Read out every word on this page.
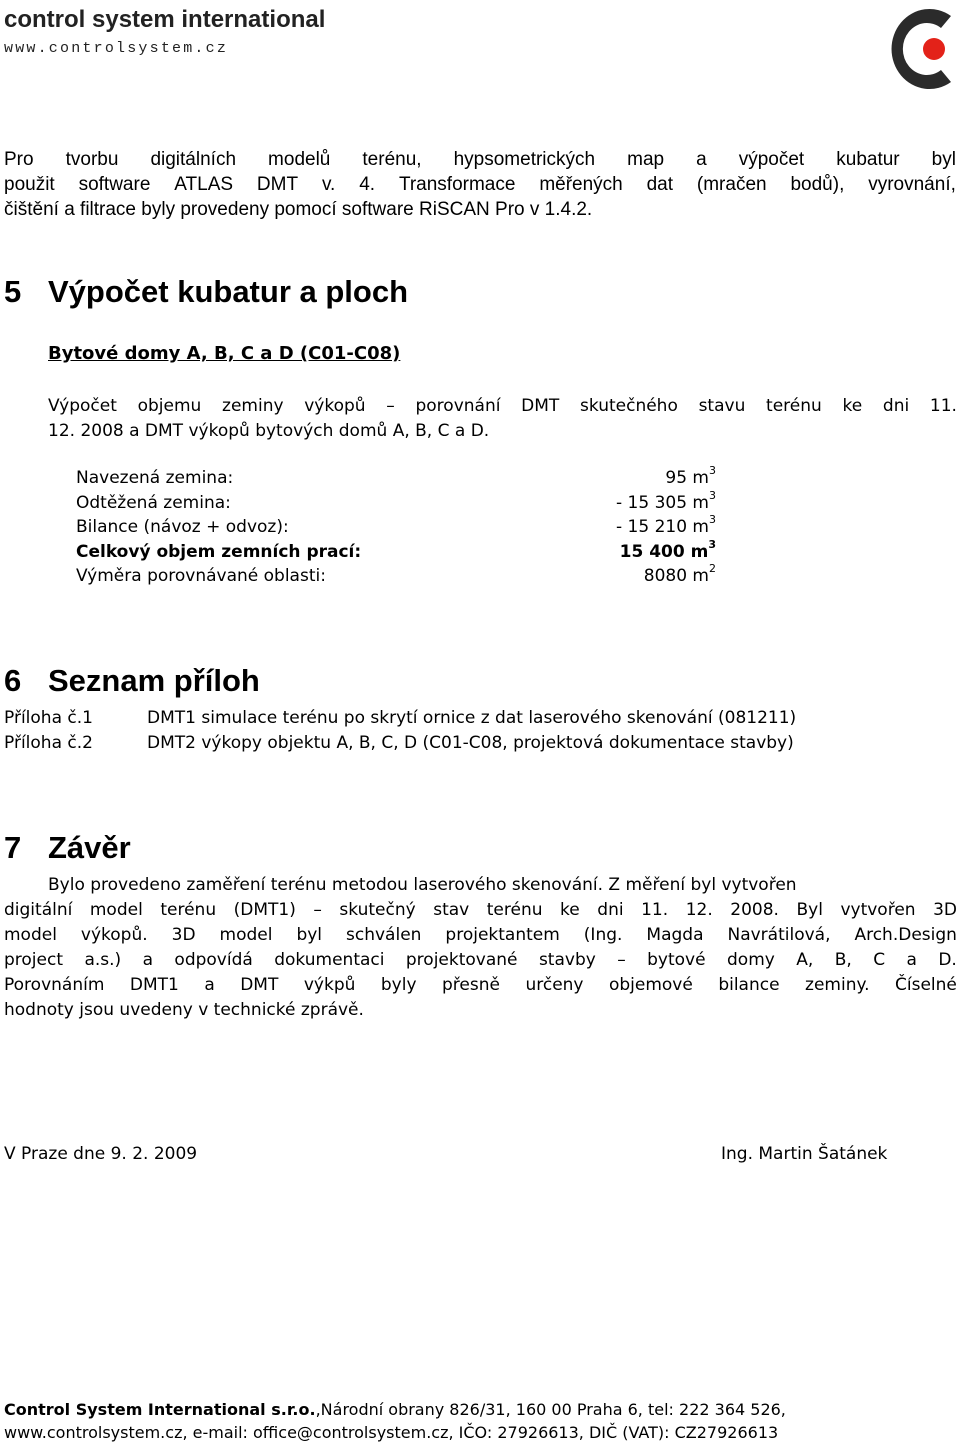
control system international
www.controlsystem.cz
Pro tvorbu digitálních modelů terénu, hypsometrických map a výpočet kubatur byl
použit software ATLAS DMT v. 4. Transformace měřených dat (mračen bodů), vyrovnání,
čištění a filtrace byly provedeny pomocí software RiSCAN Pro v 1.4.2.
5 Výpočet kubatur a ploch
Bytové domy A, B, C a D (C01-C08)
Výpočet objemu zeminy výkopů – porovnání DMT skutečného stavu terénu ke dni 11.
12. 2008 a DMT výkopů bytových domů A, B, C a D.
Navezená zemina:	95 $m^3$
Odtěžená zemina:	- 15 305 $m^3$
Bilance (návoz + odvoz):	- 15 210 $m^3$
Celkový objem zemních prací:	15 400 $m^3$
Výměra porovnávané oblasti:	8080 $m^2$
6 Seznam příloh
Příloha č.1	DMT1 simulace terénu po skrytí ornice z dat laserového skenování (081211)
Příloha č.2	DMT2 výkopy objektu A, B, C, D (C01-C08, projektová dokumentace stavby)
7 Závěr
Bylo provedeno zaměření terénu metodou laserového skenování. Z měření byl vytvořen
digitální model terénu (DMT1) – skutečný stav terénu ke dni 11. 12. 2008. Byl vytvořen 3D
model výkopů. 3D model byl schválen projektantem (Ing. Magda Navrátilová, Arch.Design
project a.s.) a odpovídá dokumentaci projektované stavby – bytové domy A, B, C a D.
Porovnáním DMT1 a DMT výkpů byly přesně určeny objemové bilance zeminy. Číselné
hodnoty jsou uvedeny v technické zprávě.
V Praze dne 9. 2. 2009	Ing. Martin Šatánek
Control System International s.r.o.,Národní obrany 826/31, 160 00 Praha 6, tel: 222 364 526,
www.controlsystem.cz, e-mail: office@controlsystem.cz, IČO: 27926613, DIČ (VAT): CZ27926613
